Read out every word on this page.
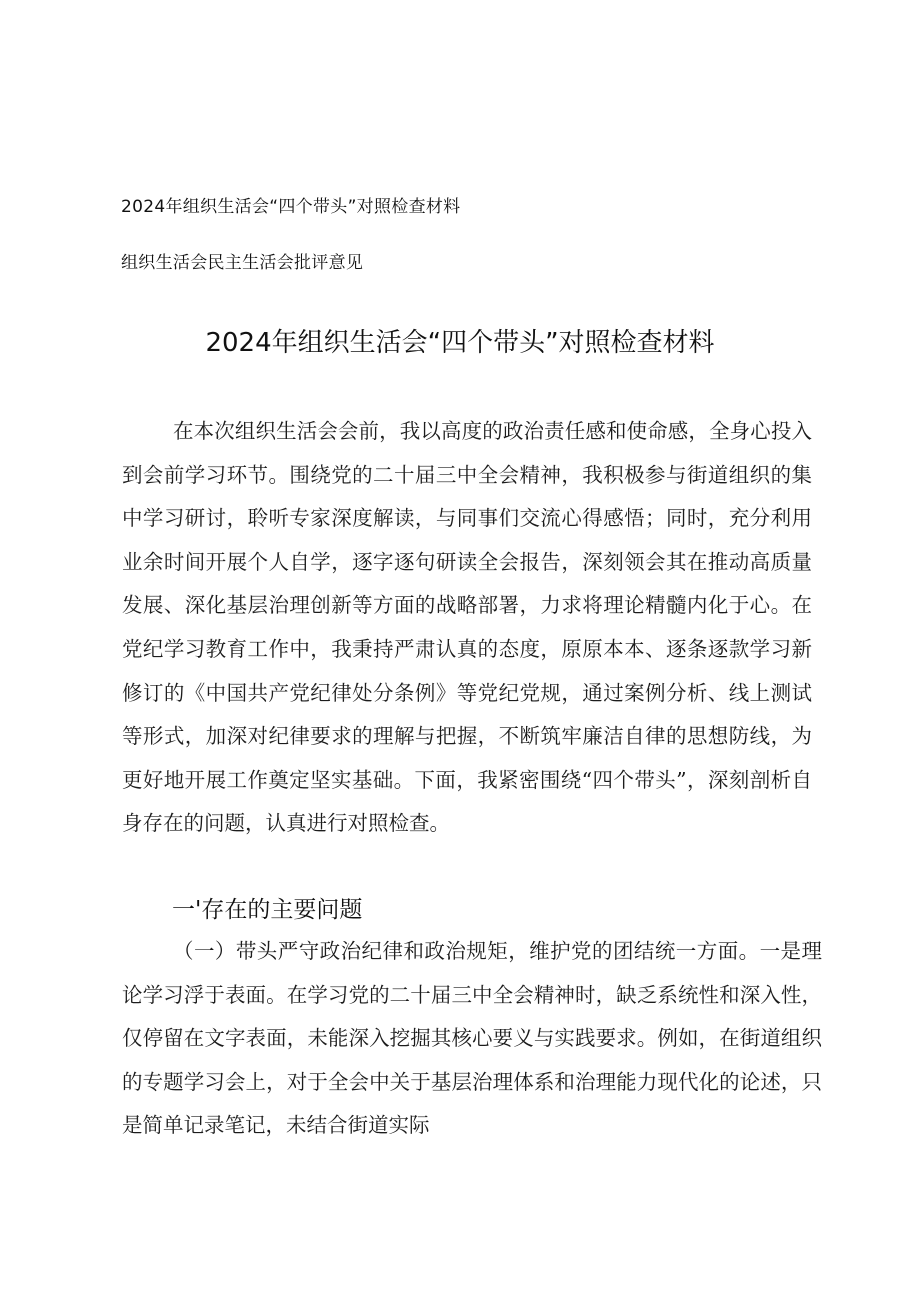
2024年组织生活会“四个带头”对照检查材料
组织生活会民主生活会批评意见
2024年组织生活会“四个带头”对照检查材料

在本次组织生活会会前，我以高度的政治责任感和使命感，全身心投入到会前学习环节。围绕党的二十届三中全会精神，我积极参与街道组织的集中学习研讨，聆听专家深度解读，与同事们交流心得感悟；同时，充分利用业余时间开展个人自学，逐字逐句研读全会报告，深刻领会其在推动高质量发展、深化基层治理创新等方面的战略部署，力求将理论精髓内化于心。在党纪学习教育工作中，我秉持严肃认真的态度，原原本本、逐条逐款学习新修订的《中国共产党纪律处分条例》等党纪党规，通过案例分析、线上测试等形式，加深对纪律要求的理解与把握，不断筑牢廉洁自律的思想防线，为更好地开展工作奠定坚实基础。下面，我紧密围绕“四个带头”，深刻剖析自身存在的问题，认真进行对照检查。

一'存在的主要问题

（一）带头严守政治纪律和政治规矩，维护党的团结统一方面。一是理论学习浮于表面。在学习党的二十届三中全会精神时，缺乏系统性和深入性，仅停留在文字表面，未能深入挖掘其核心要义与实践要求。例如，在街道组织的专题学习会上，对于全会中关于基层治理体系和治理能力现代化的论述，只是简单记录笔记，未结合街道实际
